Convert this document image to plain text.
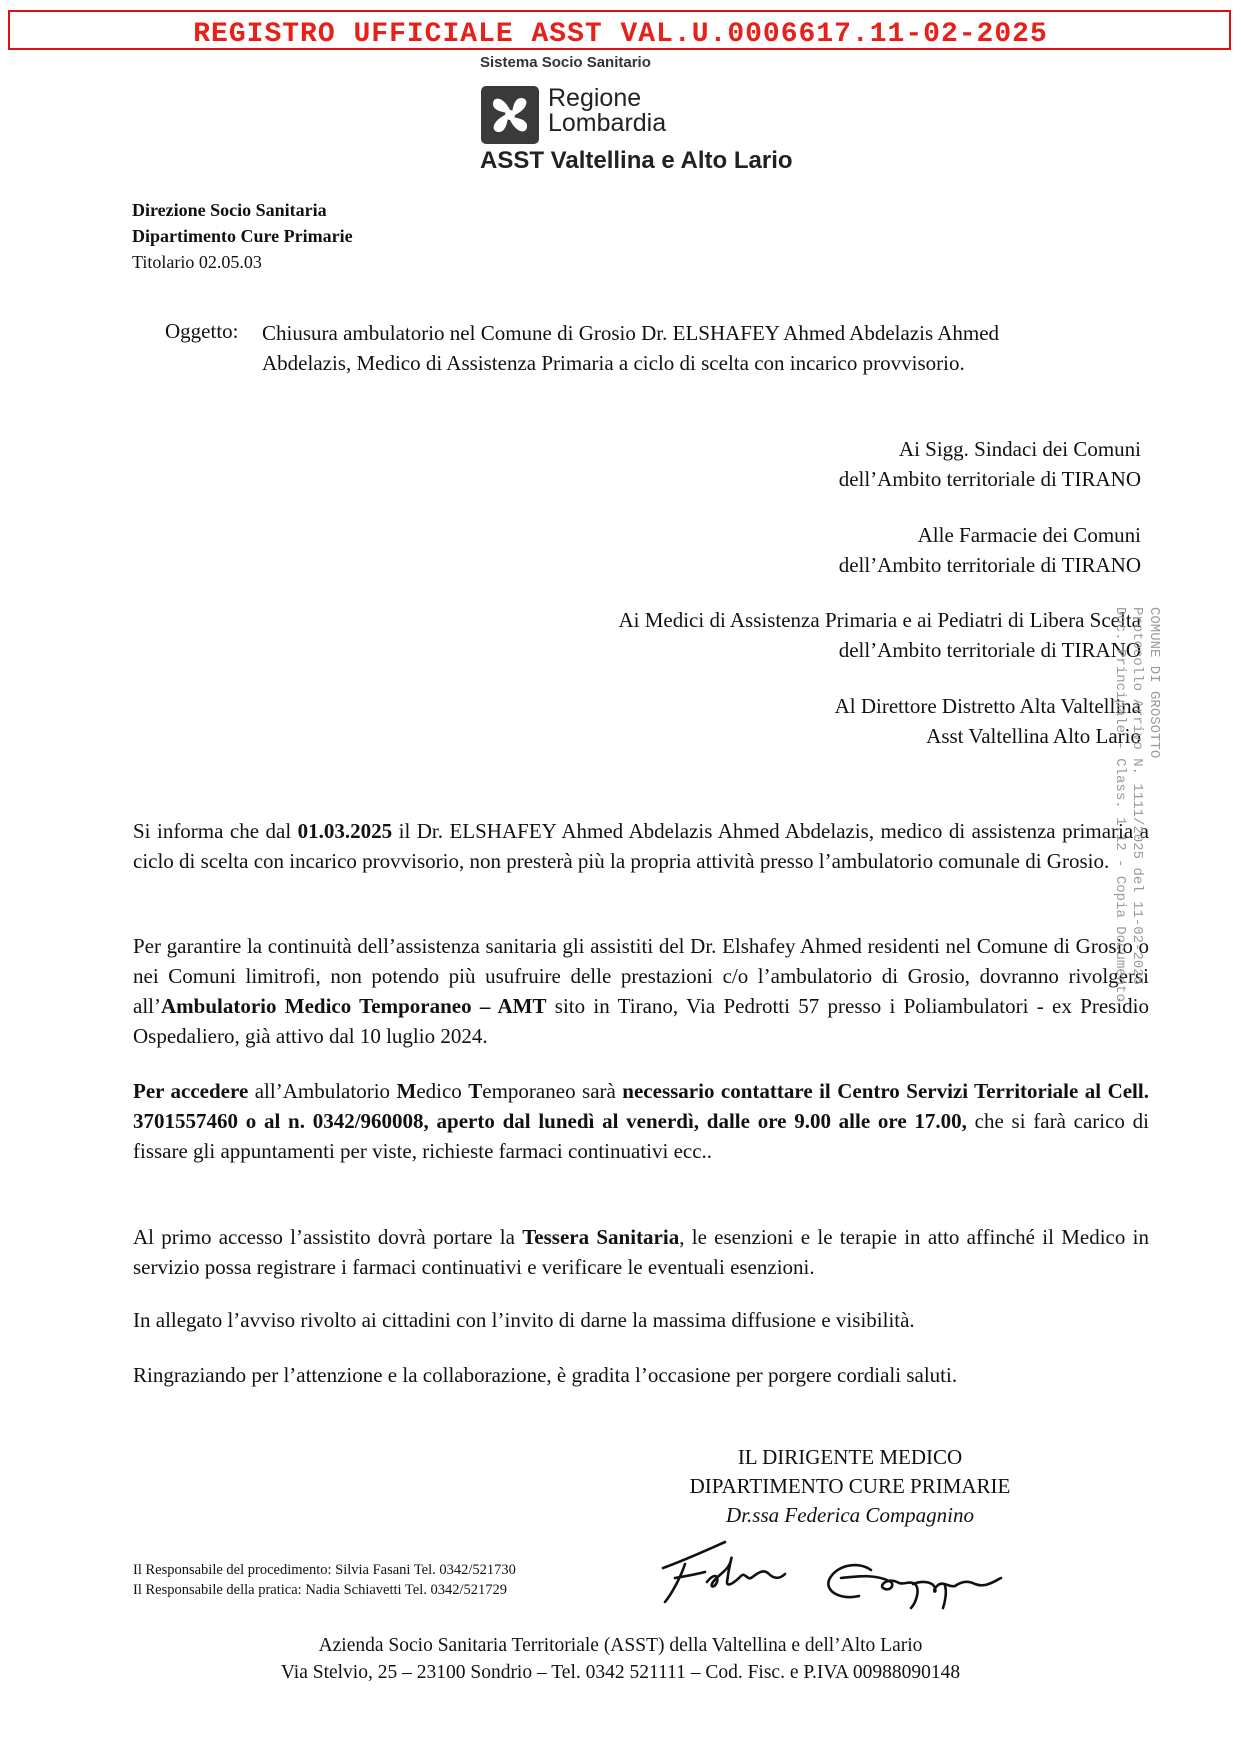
REGISTRO UFFICIALE ASST VAL.U.0006617.11-02-2025
Sistema Socio Sanitario
Regione
Lombardia
ASST Valtellina e Alto Lario
Direzione Socio Sanitaria
Dipartimento Cure Primarie
Titolario 02.05.03
Oggetto: Chiusura ambulatorio nel Comune di Grosio Dr. ELSHAFEY Ahmed Abdelazis Ahmed
Abdelazis, Medico di Assistenza Primaria a ciclo di scelta con incarico provvisorio.
Ai Sigg. Sindaci dei Comuni
dell’Ambito territoriale di TIRANO
Alle Farmacie dei Comuni
dell’Ambito territoriale di TIRANO
Ai Medici di Assistenza Primaria e ai Pediatri di Libera Scelta
dell’Ambito territoriale di TIRANO
Al Direttore Distretto Alta Valtellina
Asst Valtellina Alto Lario

Si informa che dal 01.03.2025 il Dr. ELSHAFEY Ahmed Abdelazis Ahmed Abdelazis, medico di assistenza primaria a ciclo di scelta con incarico provvisorio, non presterà più la propria attività presso l’ambulatorio comunale di Grosio.

Per garantire la continuità dell’assistenza sanitaria gli assistiti del Dr. Elshafey Ahmed residenti nel Comune di Grosio o nei Comuni limitrofi, non potendo più usufruire delle prestazioni c/o l’ambulatorio di Grosio, dovranno rivolgersi all’Ambulatorio Medico Temporaneo – AMT sito in Tirano, Via Pedrotti 57 presso i Poliambulatori - ex Presidio Ospedaliero, già attivo dal 10 luglio 2024.

Per accedere all’Ambulatorio Medico Temporaneo sarà necessario contattare il Centro Servizi Territoriale al Cell. 3701557460 o al n. 0342/960008, aperto dal lunedì al venerdì, dalle ore 9.00 alle ore 17.00, che si farà carico di fissare gli appuntamenti per viste, richieste farmaci continuativi ecc..

Al primo accesso l’assistito dovrà portare la Tessera Sanitaria, le esenzioni e le terapie in atto affinché il Medico in servizio possa registrare i farmaci continuativi e verificare le eventuali esenzioni.

In allegato l’avviso rivolto ai cittadini con l’invito di darne la massima diffusione e visibilità.

Ringraziando per l’attenzione e la collaborazione, è gradita l’occasione per porgere cordiali saluti.

IL DIRIGENTE MEDICO
DIPARTIMENTO CURE PRIMARIE
Dr.ssa Federica Compagnino
Il Responsabile del procedimento: Silvia Fasani Tel. 0342/521730
Il Responsabile della pratica: Nadia Schiavetti Tel. 0342/521729
Azienda Socio Sanitaria Territoriale (ASST) della Valtellina e dell’Alto Lario
Via Stelvio, 25 – 23100 Sondrio – Tel. 0342 521111 – Cod. Fisc. e P.IVA 00988090148
COMUNE DI GROSOTTO
Protocollo Arrivo N. 1111/2025 del 11-02-2025
Doc. Principale - Class. 1.12 - Copia Documento
